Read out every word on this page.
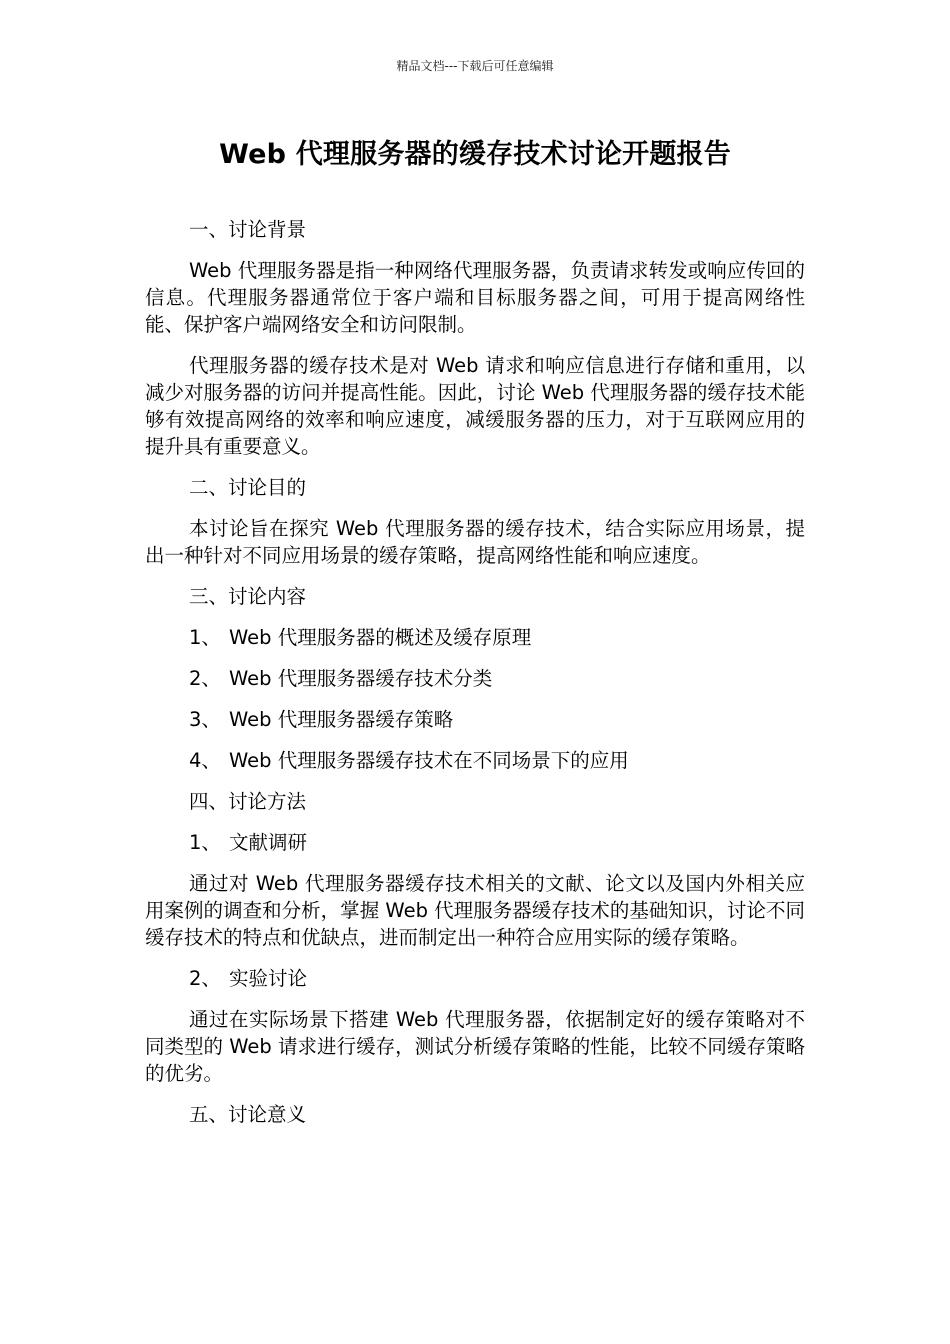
精品文档---下载后可任意编辑
Web 代理服务器的缓存技术讨论开题报告

一、讨论背景

Web 代理服务器是指一种网络代理服务器，负责请求转发或响应传回的信息。代理服务器通常位于客户端和目标服务器之间，可用于提高网络性能、保护客户端网络安全和访问限制。

代理服务器的缓存技术是对 Web 请求和响应信息进行存储和重用，以减少对服务器的访问并提高性能。因此，讨论 Web 代理服务器的缓存技术能够有效提高网络的效率和响应速度，减缓服务器的压力，对于互联网应用的提升具有重要意义。

二、讨论目的

本讨论旨在探究 Web 代理服务器的缓存技术，结合实际应用场景，提出一种针对不同应用场景的缓存策略，提高网络性能和响应速度。

三、讨论内容

1、 Web 代理服务器的概述及缓存原理

2、 Web 代理服务器缓存技术分类

3、 Web 代理服务器缓存策略

4、 Web 代理服务器缓存技术在不同场景下的应用

四、讨论方法

1、 文献调研

通过对 Web 代理服务器缓存技术相关的文献、论文以及国内外相关应用案例的调查和分析，掌握 Web 代理服务器缓存技术的基础知识，讨论不同缓存技术的特点和优缺点，进而制定出一种符合应用实际的缓存策略。

2、 实验讨论

通过在实际场景下搭建 Web 代理服务器，依据制定好的缓存策略对不同类型的 Web 请求进行缓存，测试分析缓存策略的性能，比较不同缓存策略的优劣。

五、讨论意义
